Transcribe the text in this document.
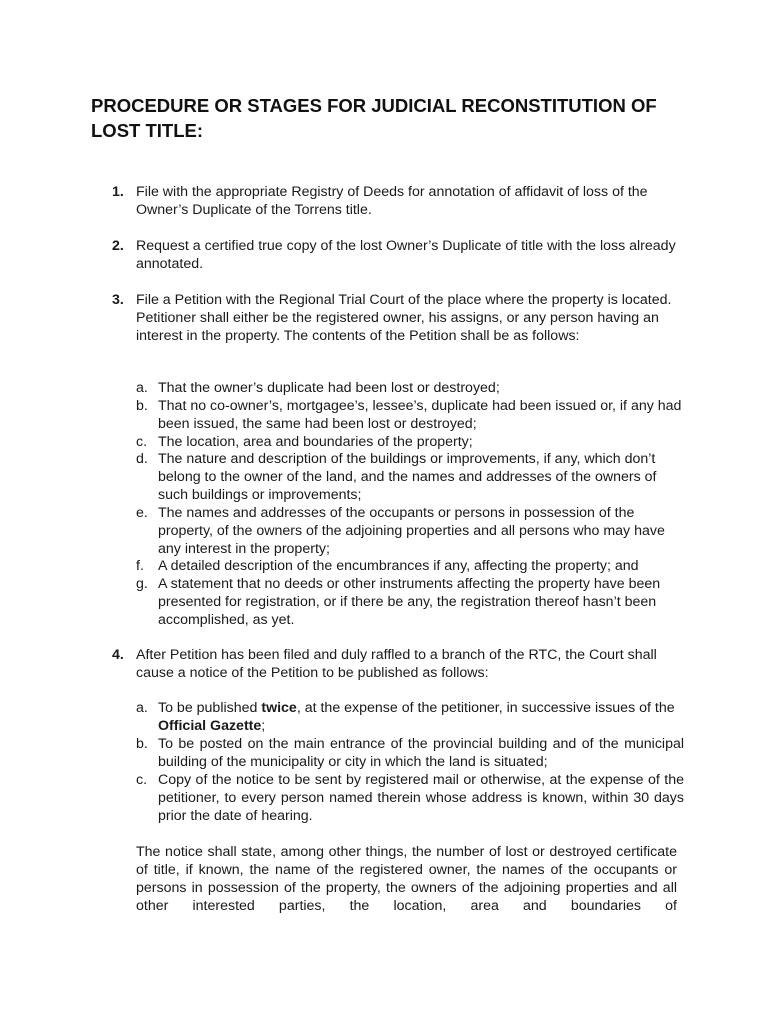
PROCEDURE OR STAGES FOR JUDICIAL RECONSTITUTION OF LOST TITLE:
1. File with the appropriate Registry of Deeds for annotation of affidavit of loss of the Owner’s Duplicate of the Torrens title.
2. Request a certified true copy of the lost Owner’s Duplicate of title with the loss already annotated.
3. File a Petition with the Regional Trial Court of the place where the property is located. Petitioner shall either be the registered owner, his assigns, or any person having an interest in the property. The contents of the Petition shall be as follows:
a. That the owner’s duplicate had been lost or destroyed;
b. That no co-owner’s, mortgagee’s, lessee’s, duplicate had been issued or, if any had been issued, the same had been lost or destroyed;
c. The location, area and boundaries of the property;
d. The nature and description of the buildings or improvements, if any, which don’t belong to the owner of the land, and the names and addresses of the owners of such buildings or improvements;
e. The names and addresses of the occupants or persons in possession of the property, of the owners of the adjoining properties and all persons who may have any interest in the property;
f. A detailed description of the encumbrances if any, affecting the property; and
g. A statement that no deeds or other instruments affecting the property have been presented for registration, or if there be any, the registration thereof hasn’t been accomplished, as yet.
4. After Petition has been filed and duly raffled to a branch of the RTC, the Court shall cause a notice of the Petition to be published as follows:
a. To be published twice, at the expense of the petitioner, in successive issues of the Official Gazette;
b. To be posted on the main entrance of the provincial building and of the municipal building of the municipality or city in which the land is situated;
c. Copy of the notice to be sent by registered mail or otherwise, at the expense of the petitioner, to every person named therein whose address is known, within 30 days prior the date of hearing.
The notice shall state, among other things, the number of lost or destroyed certificate of title, if known, the name of the registered owner, the names of the occupants or persons in possession of the property, the owners of the adjoining properties and all other interested parties, the location, area and boundaries of
